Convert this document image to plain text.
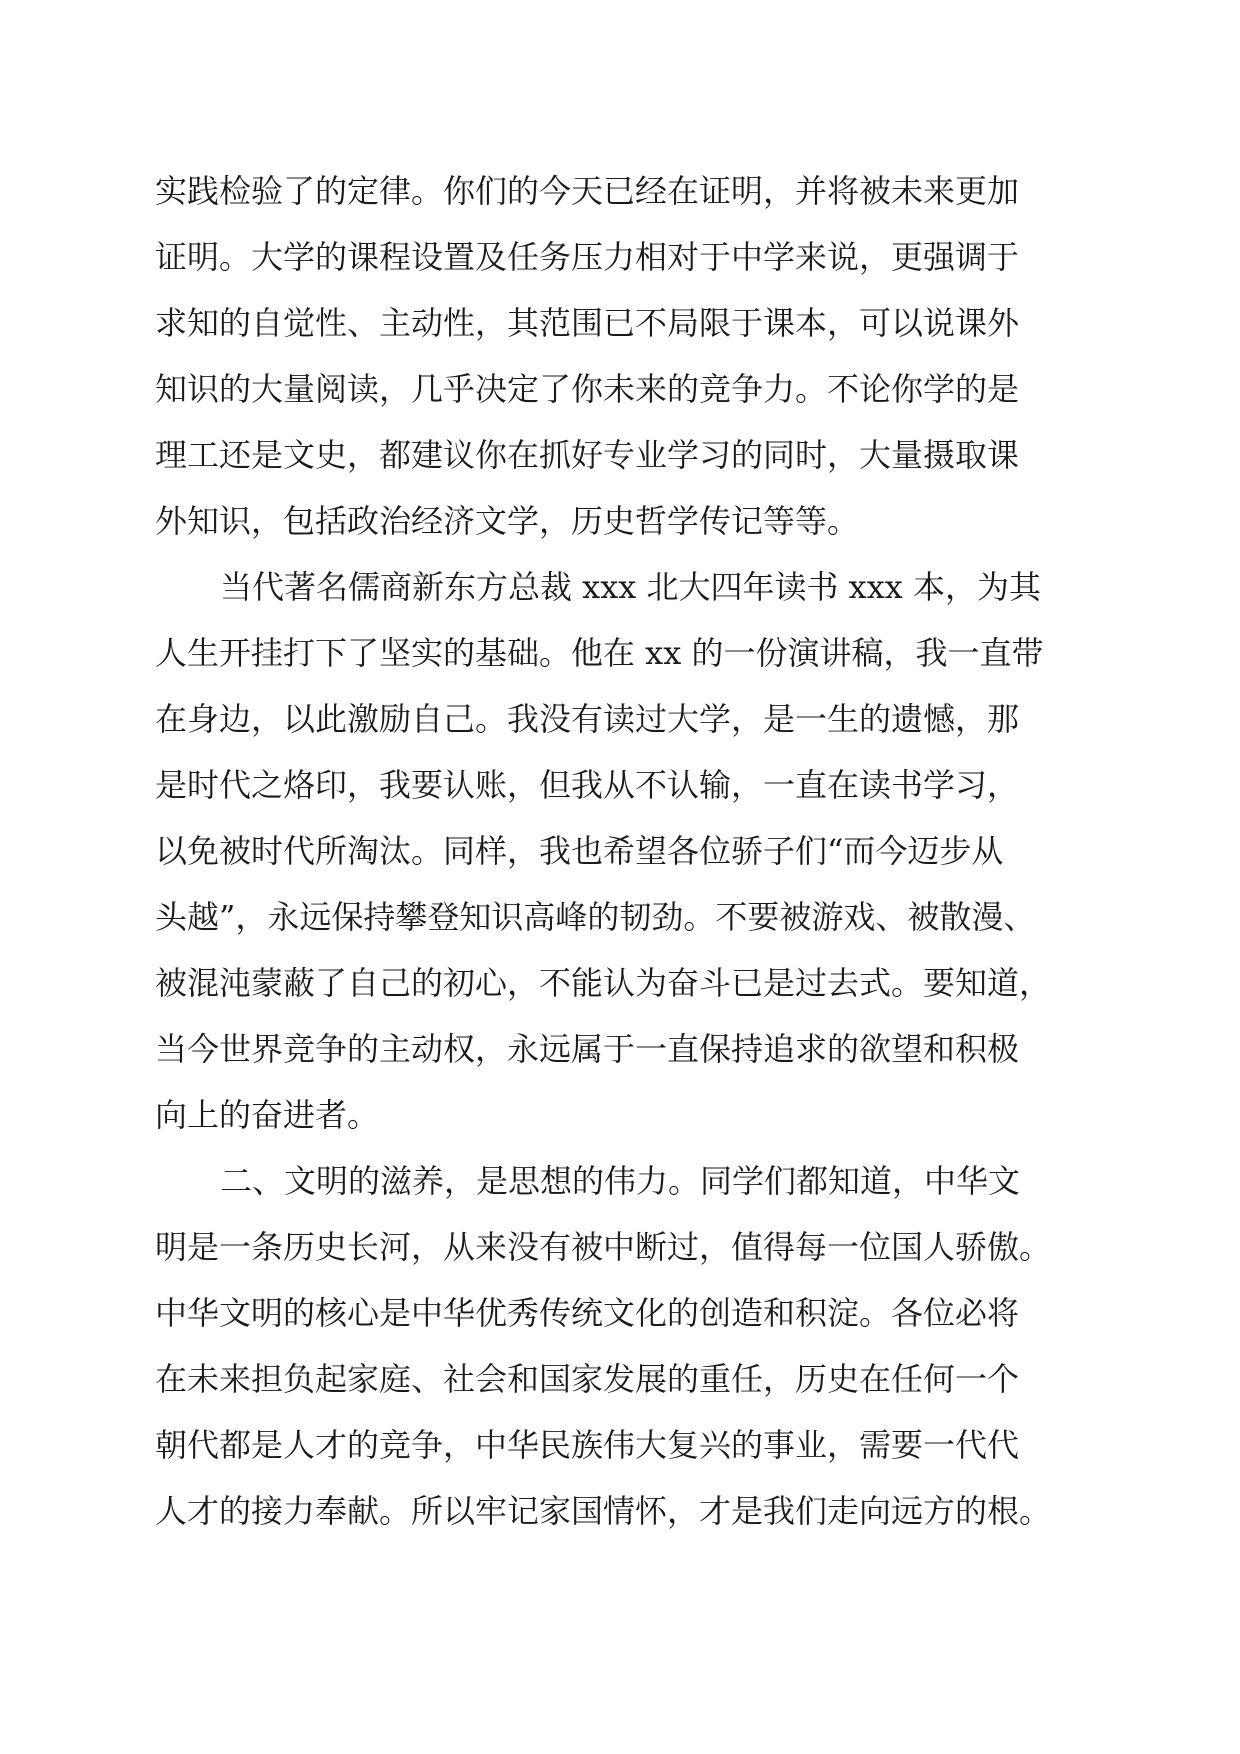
实践检验了的定律。你们的今天已经在证明，并将被未来更加
证明。大学的课程设置及任务压力相对于中学来说，更强调于
求知的自觉性、主动性，其范围已不局限于课本，可以说课外
知识的大量阅读，几乎决定了你未来的竞争力。不论你学的是
理工还是文史，都建议你在抓好专业学习的同时，大量摄取课
外知识，包括政治经济文学，历史哲学传记等等。
当代著名儒商新东方总裁 xxx 北大四年读书 xxx 本，为其
人生开挂打下了坚实的基础。他在 xx 的一份演讲稿，我一直带
在身边，以此激励自己。我没有读过大学，是一生的遗憾，那
是时代之烙印，我要认账，但我从不认输，一直在读书学习，
以免被时代所淘汰。同样，我也希望各位骄子们“而今迈步从
头越”，永远保持攀登知识高峰的韧劲。不要被游戏、被散漫、
被混沌蒙蔽了自己的初心，不能认为奋斗已是过去式。要知道，
当今世界竞争的主动权，永远属于一直保持追求的欲望和积极
向上的奋进者。
二、文明的滋养，是思想的伟力。同学们都知道，中华文
明是一条历史长河，从来没有被中断过，值得每一位国人骄傲。
中华文明的核心是中华优秀传统文化的创造和积淀。各位必将
在未来担负起家庭、社会和国家发展的重任，历史在任何一个
朝代都是人才的竞争，中华民族伟大复兴的事业，需要一代代
人才的接力奉献。所以牢记家国情怀，才是我们走向远方的根。
